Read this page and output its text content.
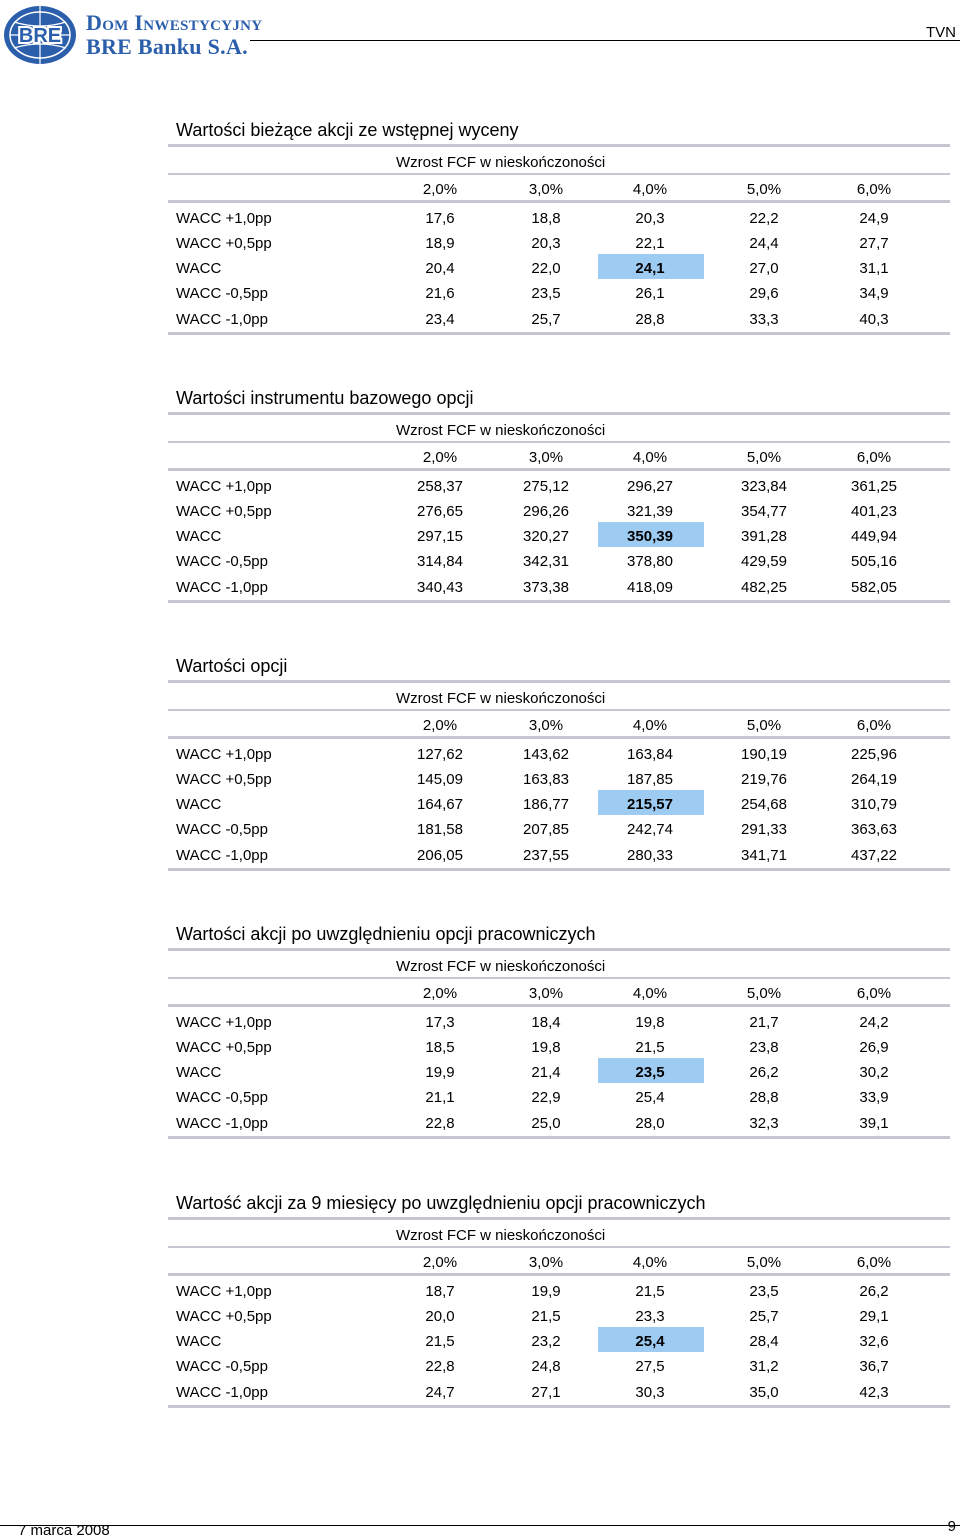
BRE
Dom Inwestycyjny
BRE Banku S.A.
TVN
Wartości bieżące akcji ze wstępnej wyceny
Wzrost FCF w nieskończoności
2,0%	3,0%	4,0%	5,0%	6,0%
WACC +1,0pp	17,6	18,8	20,3	22,2	24,9
WACC +0,5pp	18,9	20,3	22,1	24,4	27,7
WACC	20,4	22,0	24,1	27,0	31,1
WACC -0,5pp	21,6	23,5	26,1	29,6	34,9
WACC -1,0pp	23,4	25,7	28,8	33,3	40,3
Wartości instrumentu bazowego opcji
Wzrost FCF w nieskończoności
2,0%	3,0%	4,0%	5,0%	6,0%
WACC +1,0pp	258,37	275,12	296,27	323,84	361,25
WACC +0,5pp	276,65	296,26	321,39	354,77	401,23
WACC	297,15	320,27	350,39	391,28	449,94
WACC -0,5pp	314,84	342,31	378,80	429,59	505,16
WACC -1,0pp	340,43	373,38	418,09	482,25	582,05
Wartości opcji
Wzrost FCF w nieskończoności
2,0%	3,0%	4,0%	5,0%	6,0%
WACC +1,0pp	127,62	143,62	163,84	190,19	225,96
WACC +0,5pp	145,09	163,83	187,85	219,76	264,19
WACC	164,67	186,77	215,57	254,68	310,79
WACC -0,5pp	181,58	207,85	242,74	291,33	363,63
WACC -1,0pp	206,05	237,55	280,33	341,71	437,22
Wartości akcji po uwzględnieniu opcji pracowniczych
Wzrost FCF w nieskończoności
2,0%	3,0%	4,0%	5,0%	6,0%
WACC +1,0pp	17,3	18,4	19,8	21,7	24,2
WACC +0,5pp	18,5	19,8	21,5	23,8	26,9
WACC	19,9	21,4	23,5	26,2	30,2
WACC -0,5pp	21,1	22,9	25,4	28,8	33,9
WACC -1,0pp	22,8	25,0	28,0	32,3	39,1
Wartość akcji za 9 miesięcy po uwzględnieniu opcji pracowniczych
Wzrost FCF w nieskończoności
2,0%	3,0%	4,0%	5,0%	6,0%
WACC +1,0pp	18,7	19,9	21,5	23,5	26,2
WACC +0,5pp	20,0	21,5	23,3	25,7	29,1
WACC	21,5	23,2	25,4	28,4	32,6
WACC -0,5pp	22,8	24,8	27,5	31,2	36,7
WACC -1,0pp	24,7	27,1	30,3	35,0	42,3
7 marca 2008	9
